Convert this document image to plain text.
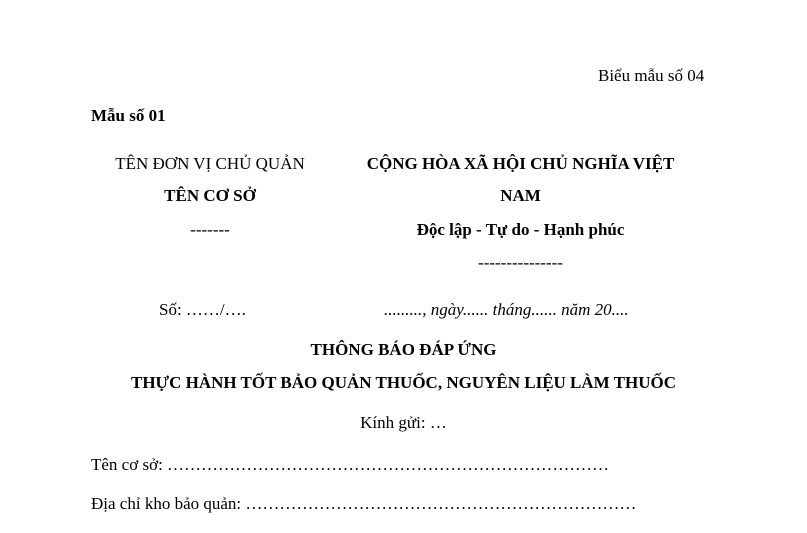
Biểu mẫu số 04
Mẫu số 01
TÊN ĐƠN VỊ CHỦ QUẢN
TÊN CƠ SỞ
-------
CỘNG HÒA XÃ HỘI CHỦ NGHĨA VIỆT
NAM
Độc lập - Tự do - Hạnh phúc
---------------
Số: ……/….	........., ngày...... tháng...... năm 20....
THÔNG BÁO ĐÁP ỨNG
THỰC HÀNH TỐT BẢO QUẢN THUỐC, NGUYÊN LIỆU LÀM THUỐC
Kính gửi: …
Tên cơ sở: ……………………………………………………………………
Địa chỉ kho bảo quản: ……………………………………………………………
